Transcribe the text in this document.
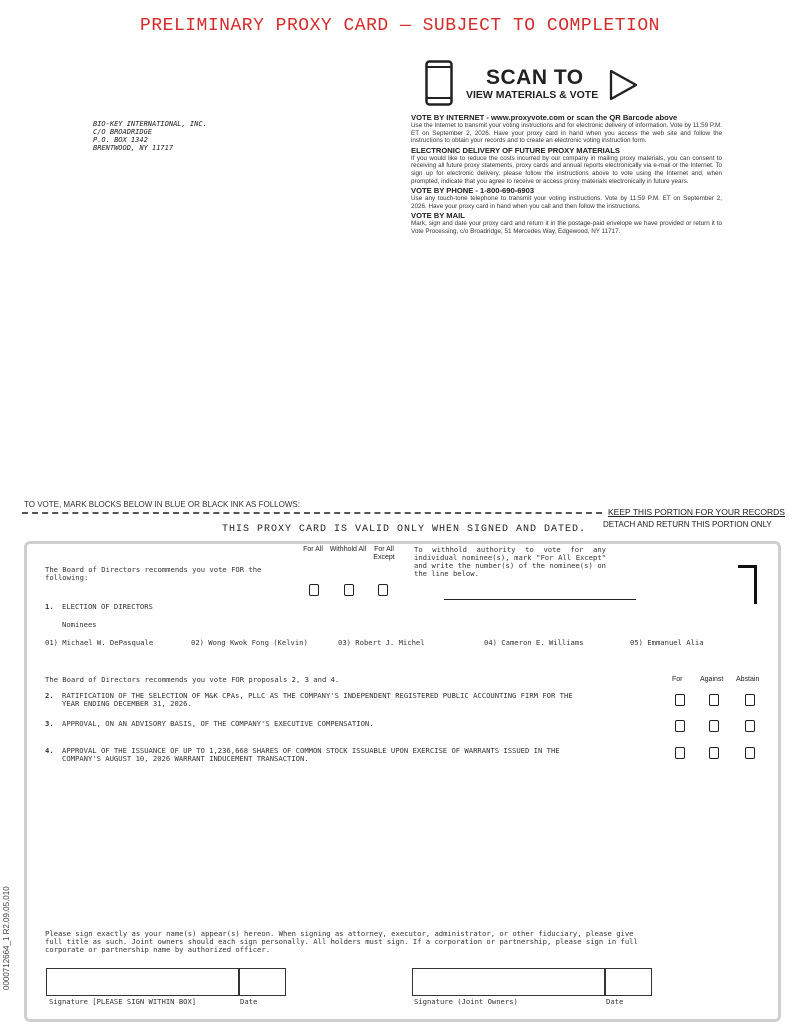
PRELIMINARY PROXY CARD — SUBJECT TO COMPLETION
SCAN TO
VIEW MATERIALS & VOTE
BIO-KEY INTERNATIONAL, INC.
C/O BROADRIDGE
P.O. BOX 1342
BRENTWOOD, NY 11717
VOTE BY INTERNET - www.proxyvote.com or scan the QR Barcode above

Use the Internet to transmit your voting instructions and for electronic delivery of information. Vote by 11:59 P.M. ET on September 2, 2026. Have your proxy card in hand when you access the web site and follow the instructions to obtain your records and to create an electronic voting instruction form.

ELECTRONIC DELIVERY OF FUTURE PROXY MATERIALS

If you would like to reduce the costs incurred by our company in mailing proxy materials, you can consent to receiving all future proxy statements, proxy cards and annual reports electronically via e-mail or the Internet. To sign up for electronic delivery, please follow the instructions above to vote using the Internet and, when prompted, indicate that you agree to receive or access proxy materials electronically in future years.

VOTE BY PHONE - 1-800-690-6903

Use any touch-tone telephone to transmit your voting instructions. Vote by 11:59 P.M. ET on September 2, 2026. Have your proxy card in hand when you call and then follow the instructions.

VOTE BY MAIL

Mark, sign and date your proxy card and return it in the postage-paid envelope we have provided or return it to Vote Processing, c/o Broadridge, 51 Mercedes Way, Edgewood, NY 11717.

TO VOTE, MARK BLOCKS BELOW IN BLUE OR BLACK INK AS FOLLOWS:
KEEP THIS PORTION FOR YOUR RECORDS
THIS PROXY CARD IS VALID ONLY WHEN SIGNED AND DATED. DETACH AND RETURN THIS PORTION ONLY
The Board of Directors recommends you vote FOR the following:
For All Withhold All	For All Except
To withhold authority to vote for any individual nominee(s), mark "For All Except" and write the number(s) of the nominee(s) on the line below.
1. ELECTION OF DIRECTORS
Nominees
01) Michael W. DePasquale	02) Wong Kwok Fong (Kelvin)	03) Robert J. Michel	04) Cameron E. Williams	05) Emmanuel Alia
The Board of Directors recommends you vote FOR proposals 2, 3 and 4.	For	Against Abstain
2. RATIFICATION OF THE SELECTION OF M&K CPAs, PLLC AS THE COMPANY'S INDEPENDENT REGISTERED PUBLIC ACCOUNTING FIRM FOR THE YEAR ENDING DECEMBER 31, 2026.
3. APPROVAL, ON AN ADVISORY BASIS, OF THE COMPANY'S EXECUTIVE COMPENSATION.
4. APPROVAL OF THE ISSUANCE OF UP TO 1,236,668 SHARES OF COMMON STOCK ISSUABLE UPON EXERCISE OF WARRANTS ISSUED IN THE COMPANY'S AUGUST 10, 2026 WARRANT INDUCEMENT TRANSACTION.
Please sign exactly as your name(s) appear(s) hereon. When signing as attorney, executor, administrator, or other fiduciary, please give full title as such. Joint owners should each sign personally. All holders must sign. If a corporation or partnership, please sign in full corporate or partnership name by authorized officer.
Signature [PLEASE SIGN WITHIN BOX]	Date	Signature (Joint Owners)	Date
0000712664_1 R2.09.05.010
